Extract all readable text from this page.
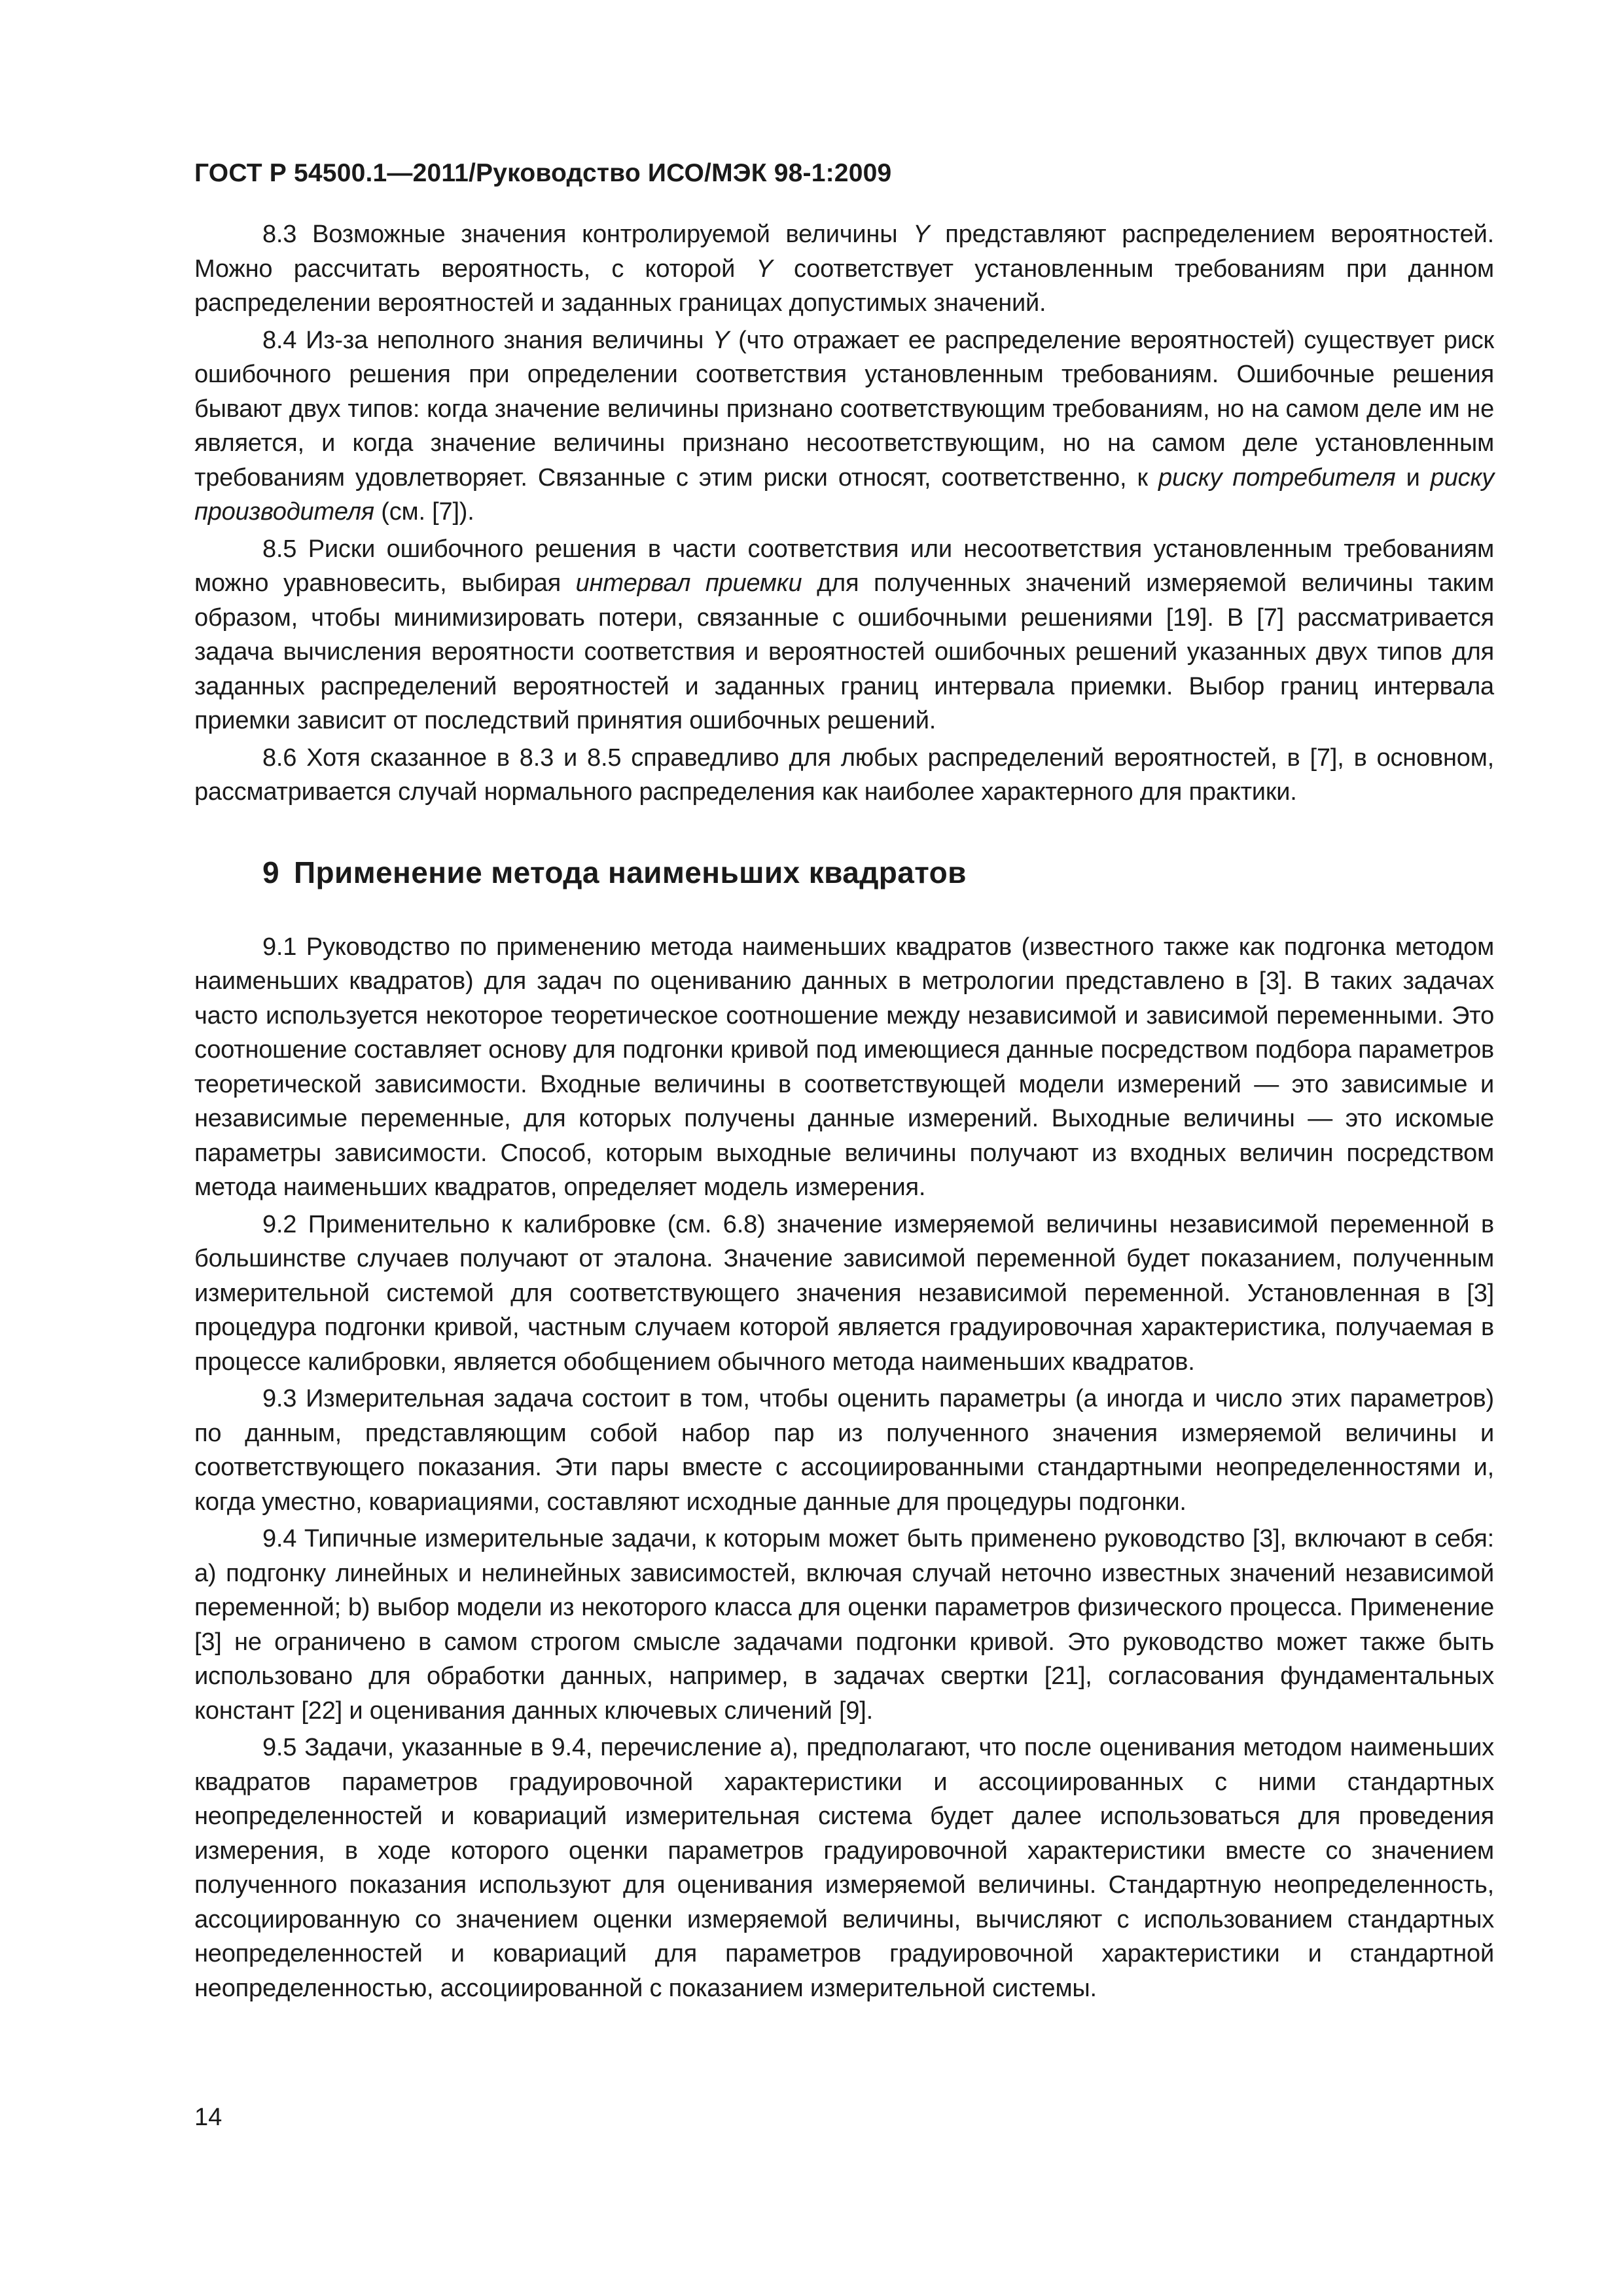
ГОСТ Р 54500.1—2011/Руководство ИСО/МЭК 98-1:2009

8.3 Возможные значения контролируемой величины Y представляют распределением вероятностей. Можно рассчитать вероятность, с которой Y соответствует установленным требованиям при данном распределении вероятностей и заданных границах допустимых значений.

8.4 Из-за неполного знания величины Y (что отражает ее распределение вероятностей) существует риск ошибочного решения при определении соответствия установленным требованиям. Ошибочные решения бывают двух типов: когда значение величины признано соответствующим требованиям, но на самом деле им не является, и когда значение величины признано несоответствующим, но на самом деле установленным требованиям удовлетворяет. Связанные с этим риски относят, соответственно, к риску потребителя и риску производителя (см. [7]).

8.5 Риски ошибочного решения в части соответствия или несоответствия установленным требованиям можно уравновесить, выбирая интервал приемки для полученных значений измеряемой величины таким образом, чтобы минимизировать потери, связанные с ошибочными решениями [19]. В [7] рассматривается задача вычисления вероятности соответствия и вероятностей ошибочных решений указанных двух типов для заданных распределений вероятностей и заданных границ интервала приемки. Выбор границ интервала приемки зависит от последствий принятия ошибочных решений.

8.6 Хотя сказанное в 8.3 и 8.5 справедливо для любых распределений вероятностей, в [7], в основном, рассматривается случай нормального распределения как наиболее характерного для практики.

9 Применение метода наименьших квадратов

9.1 Руководство по применению метода наименьших квадратов (известного также как подгонка методом наименьших квадратов) для задач по оцениванию данных в метрологии представлено в [3]. В таких задачах часто используется некоторое теоретическое соотношение между независимой и зависимой переменными. Это соотношение составляет основу для подгонки кривой под имеющиеся данные посредством подбора параметров теоретической зависимости. Входные величины в соответствующей модели измерений — это зависимые и независимые переменные, для которых получены данные измерений. Выходные величины — это искомые параметры зависимости. Способ, которым выходные величины получают из входных величин посредством метода наименьших квадратов, определяет модель измерения.

9.2 Применительно к калибровке (см. 6.8) значение измеряемой величины независимой переменной в большинстве случаев получают от эталона. Значение зависимой переменной будет показанием, полученным измерительной системой для соответствующего значения независимой переменной. Установленная в [3] процедура подгонки кривой, частным случаем которой является градуировочная характеристика, получаемая в процессе калибровки, является обобщением обычного метода наименьших квадратов.

9.3 Измерительная задача состоит в том, чтобы оценить параметры (а иногда и число этих параметров) по данным, представляющим собой набор пар из полученного значения измеряемой величины и соответствующего показания. Эти пары вместе с ассоциированными стандартными неопределенностями и, когда уместно, ковариациями, составляют исходные данные для процедуры подгонки.

9.4 Типичные измерительные задачи, к которым может быть применено руководство [3], включают в себя: а) подгонку линейных и нелинейных зависимостей, включая случай неточно известных значений независимой переменной; b) выбор модели из некоторого класса для оценки параметров физического процесса. Применение [3] не ограничено в самом строгом смысле задачами подгонки кривой. Это руководство может также быть использовано для обработки данных, например, в задачах свертки [21], согласования фундаментальных констант [22] и оценивания данных ключевых сличений [9].

9.5 Задачи, указанные в 9.4, перечисление а), предполагают, что после оценивания методом наименьших квадратов параметров градуировочной характеристики и ассоциированных с ними стандартных неопределенностей и ковариаций измерительная система будет далее использоваться для проведения измерения, в ходе которого оценки параметров градуировочной характеристики вместе со значением полученного показания используют для оценивания измеряемой величины. Стандартную неопределенность, ассоциированную со значением оценки измеряемой величины, вычисляют с использованием стандартных неопределенностей и ковариаций для параметров градуировочной характеристики и стандартной неопределенностью, ассоциированной с показанием измерительной системы.

14
